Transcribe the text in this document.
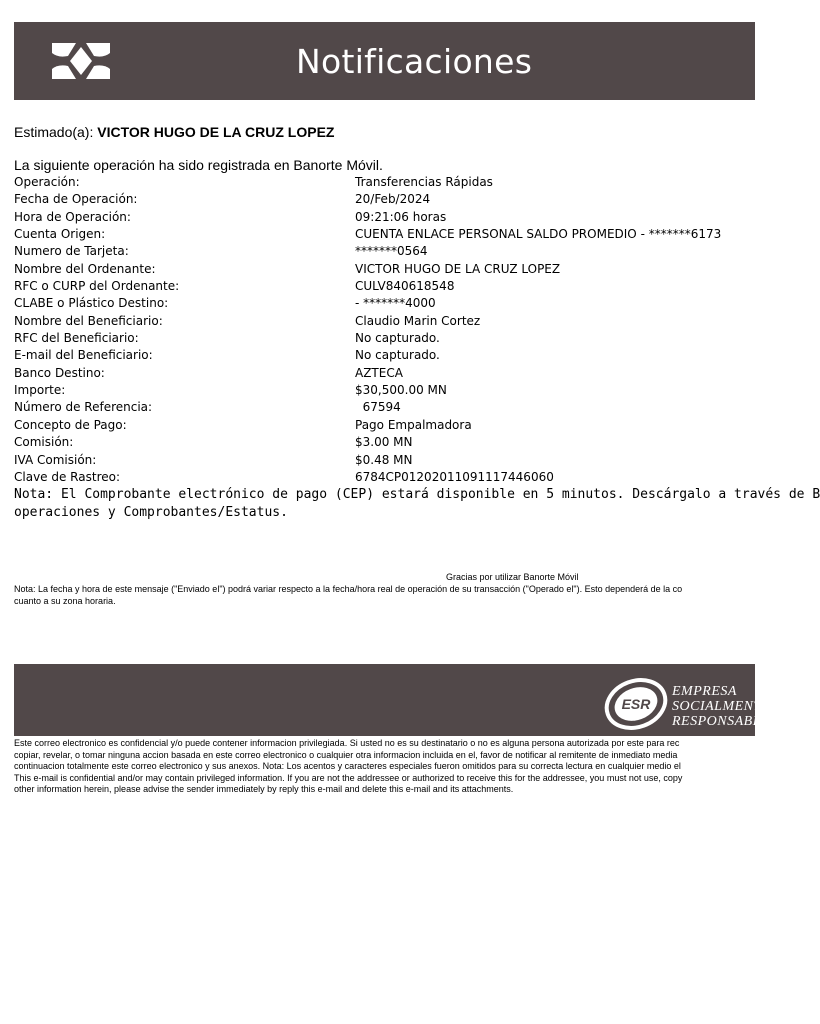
Notificaciones
Estimado(a): VICTOR HUGO DE LA CRUZ LOPEZ
La siguiente operación ha sido registrada en Banorte Móvil.
Operación:	Transferencias Rápidas
Fecha de Operación:	20/Feb/2024
Hora de Operación:	09:21:06 horas
Cuenta Origen:	CUENTA ENLACE PERSONAL SALDO PROMEDIO - *******6173
Numero de Tarjeta:	*******0564
Nombre del Ordenante:	VICTOR HUGO DE LA CRUZ LOPEZ
RFC o CURP del Ordenante:	CULV840618548
CLABE o Plástico Destino:	- *******4000
Nombre del Beneficiario:	Claudio Marin Cortez
RFC del Beneficiario:	No capturado.
E-mail del Beneficiario:	No capturado.
Banco Destino:	AZTECA
Importe:	$30,500.00 MN
Número de Referencia:	67594
Concepto de Pago:	Pago Empalmadora
Comisión:	$3.00 MN
IVA Comisión:	$0.48 MN
Clave de Rastreo:	6784CP01202011091117446060
Nota: El Comprobante electrónico de pago (CEP) estará disponible en 5 minutos. Descárgalo a través de B
operaciones y Comprobantes/Estatus.
Gracias por utilizar Banorte Móvil
Nota: La fecha y hora de este mensaje ("Enviado el") podrá variar respecto a la fecha/hora real de operación de su transacción ("Operado el"). Esto dependerá de la co
cuanto a su zona horaria.
ESR
EMPRESA
SOCIALMENTE
RESPONSABLE
Este correo electronico es confidencial y/o puede contener informacion privilegiada. Si usted no es su destinatario o no es alguna persona autorizada por este para rec
copiar, revelar, o tomar ninguna accion basada en este correo electronico o cualquier otra informacion incluida en el, favor de notificar al remitente de inmediato media
continuacion totalmente este correo electronico y sus anexos. Nota: Los acentos y caracteres especiales fueron omitidos para su correcta lectura en cualquier medio el
This e-mail is confidential and/or may contain privileged information. If you are not the addressee or authorized to receive this for the addressee, you must not use, copy
other information herein, please advise the sender immediately by reply this e-mail and delete this e-mail and its attachments.
